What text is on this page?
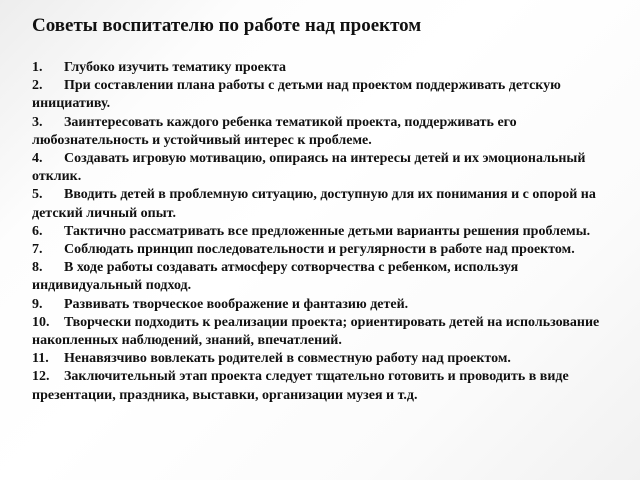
Советы воспитателю по работе над проектом
1. Глубоко изучить тематику проекта
2. При составлении плана работы с детьми над проектом поддерживать детскую инициативу.
3. Заинтересовать каждого ребенка тематикой проекта, поддерживать его любознательность и устойчивый интерес к проблеме.
4. Создавать игровую мотивацию, опираясь на интересы детей и их эмоциональный отклик.
5. Вводить детей в проблемную ситуацию, доступную для их понимания и с опорой на детский личный опыт.
6. Тактично рассматривать все предложенные детьми варианты решения проблемы.
7. Соблюдать принцип последовательности и регулярности в работе над проектом.
8. В ходе работы создавать атмосферу сотворчества с ребенком, используя индивидуальный подход.
9. Развивать творческое воображение и фантазию детей.
10. Творчески подходить к реализации проекта; ориентировать детей на использование накопленных наблюдений, знаний, впечатлений.
11. Ненавязчиво вовлекать родителей в совместную работу над проектом.
12. Заключительный этап проекта следует тщательно готовить и проводить в виде презентации, праздника, выставки, организации музея и т.д.
